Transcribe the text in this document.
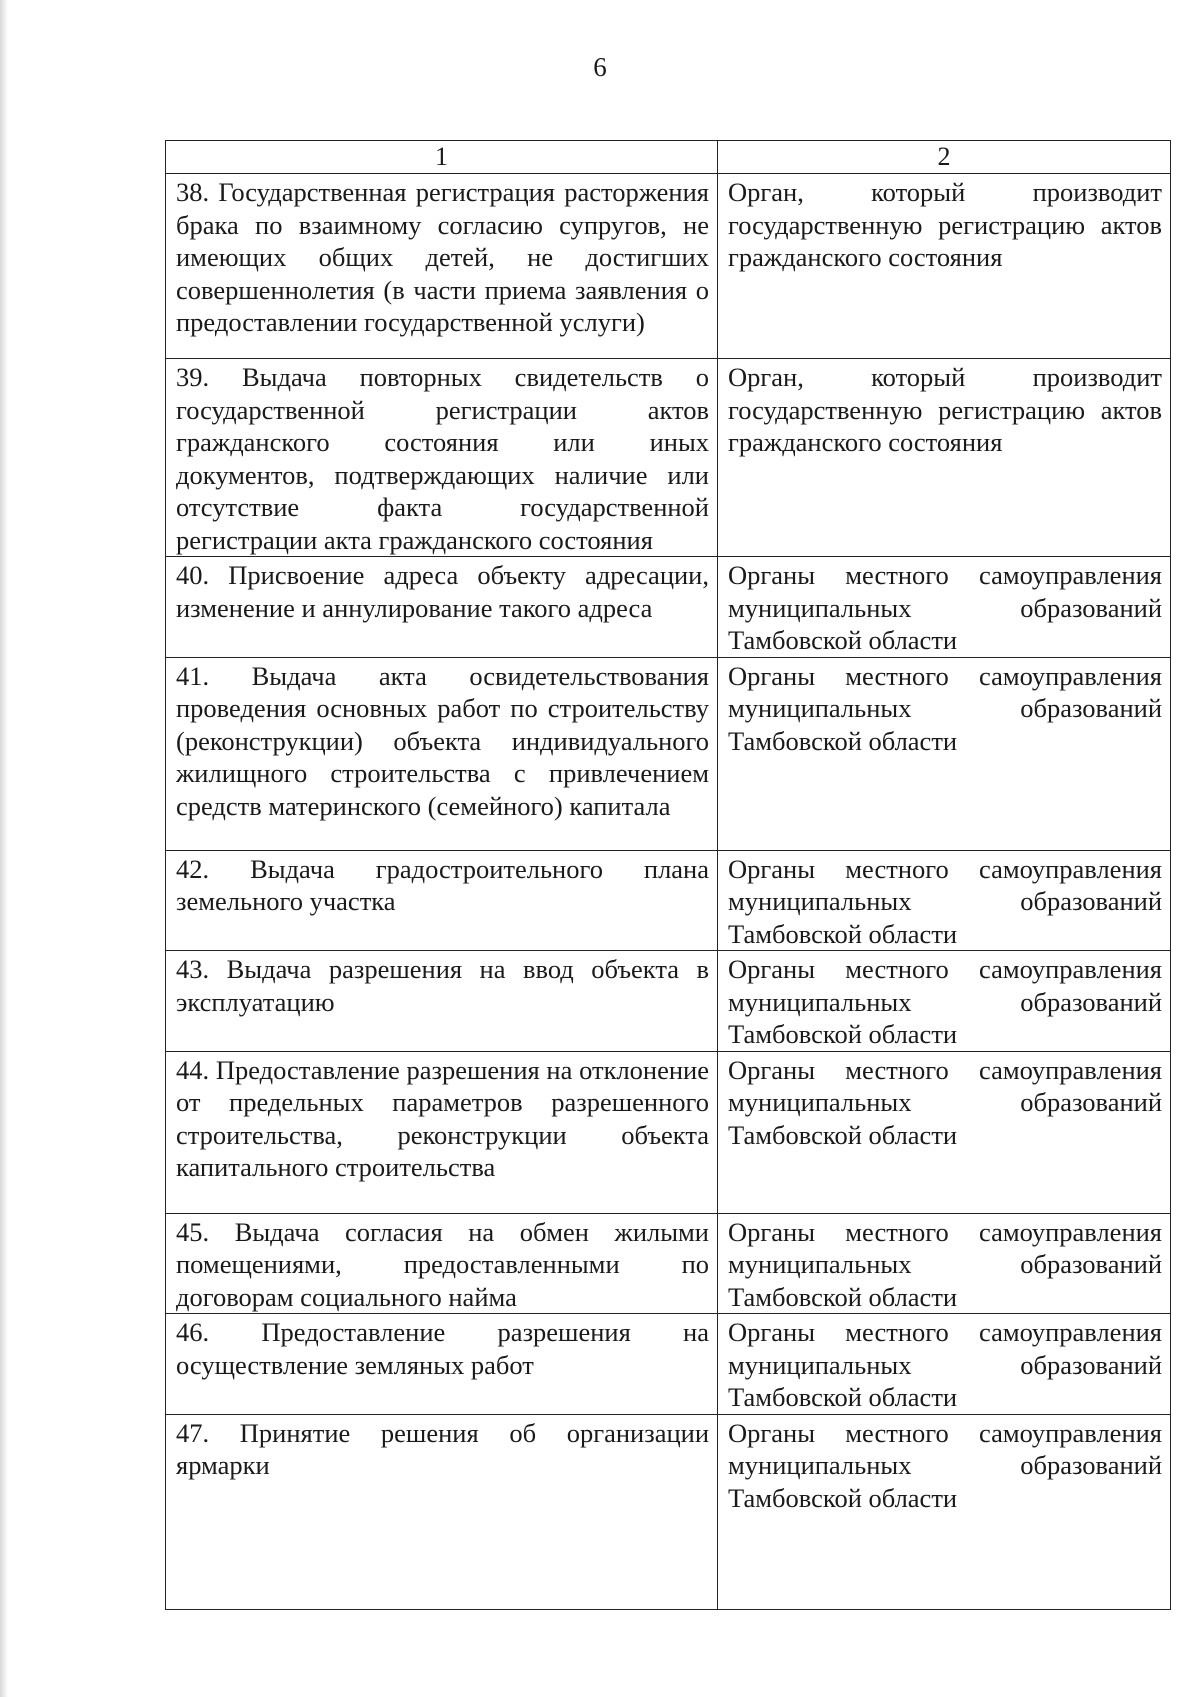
6
1	2
38. Государственная регистрация расторжения брака по взаимному согласию супругов, не имеющих общих детей, не достигших совершеннолетия (в части приема заявления о предоставлении государственной услуги)	Орган, который производит государственную регистрацию актов гражданского состояния
39. Выдача повторных свидетельств о государственной регистрации актов гражданского состояния или иных документов, подтверждающих наличие или отсутствие факта государственной регистрации акта гражданского состояния	Орган, который производит государственную регистрацию актов гражданского состояния
40. Присвоение адреса объекту адресации, изменение и аннулирование такого адреса	Органы местного самоуправления муниципальных образований Тамбовской области
41. Выдача акта освидетельствования проведения основных работ по строительству (реконструкции) объекта индивидуального жилищного строительства с привлечением средств материнского (семейного) капитала	Органы местного самоуправления муниципальных образований Тамбовской области
42. Выдача градостроительного плана земельного участка	Органы местного самоуправления муниципальных образований Тамбовской области
43. Выдача разрешения на ввод объекта в эксплуатацию	Органы местного самоуправления муниципальных образований Тамбовской области
44. Предоставление разрешения на отклонение от предельных параметров разрешенного строительства, реконструкции объекта капитального строительства	Органы местного самоуправления муниципальных образований Тамбовской области
45. Выдача согласия на обмен жилыми помещениями, предоставленными по договорам социального найма	Органы местного самоуправления муниципальных образований Тамбовской области
46. Предоставление разрешения на осуществление земляных работ	Органы местного самоуправления муниципальных образований Тамбовской области
47. Принятие решения об организации ярмарки	Органы местного самоуправления муниципальных образований Тамбовской области
